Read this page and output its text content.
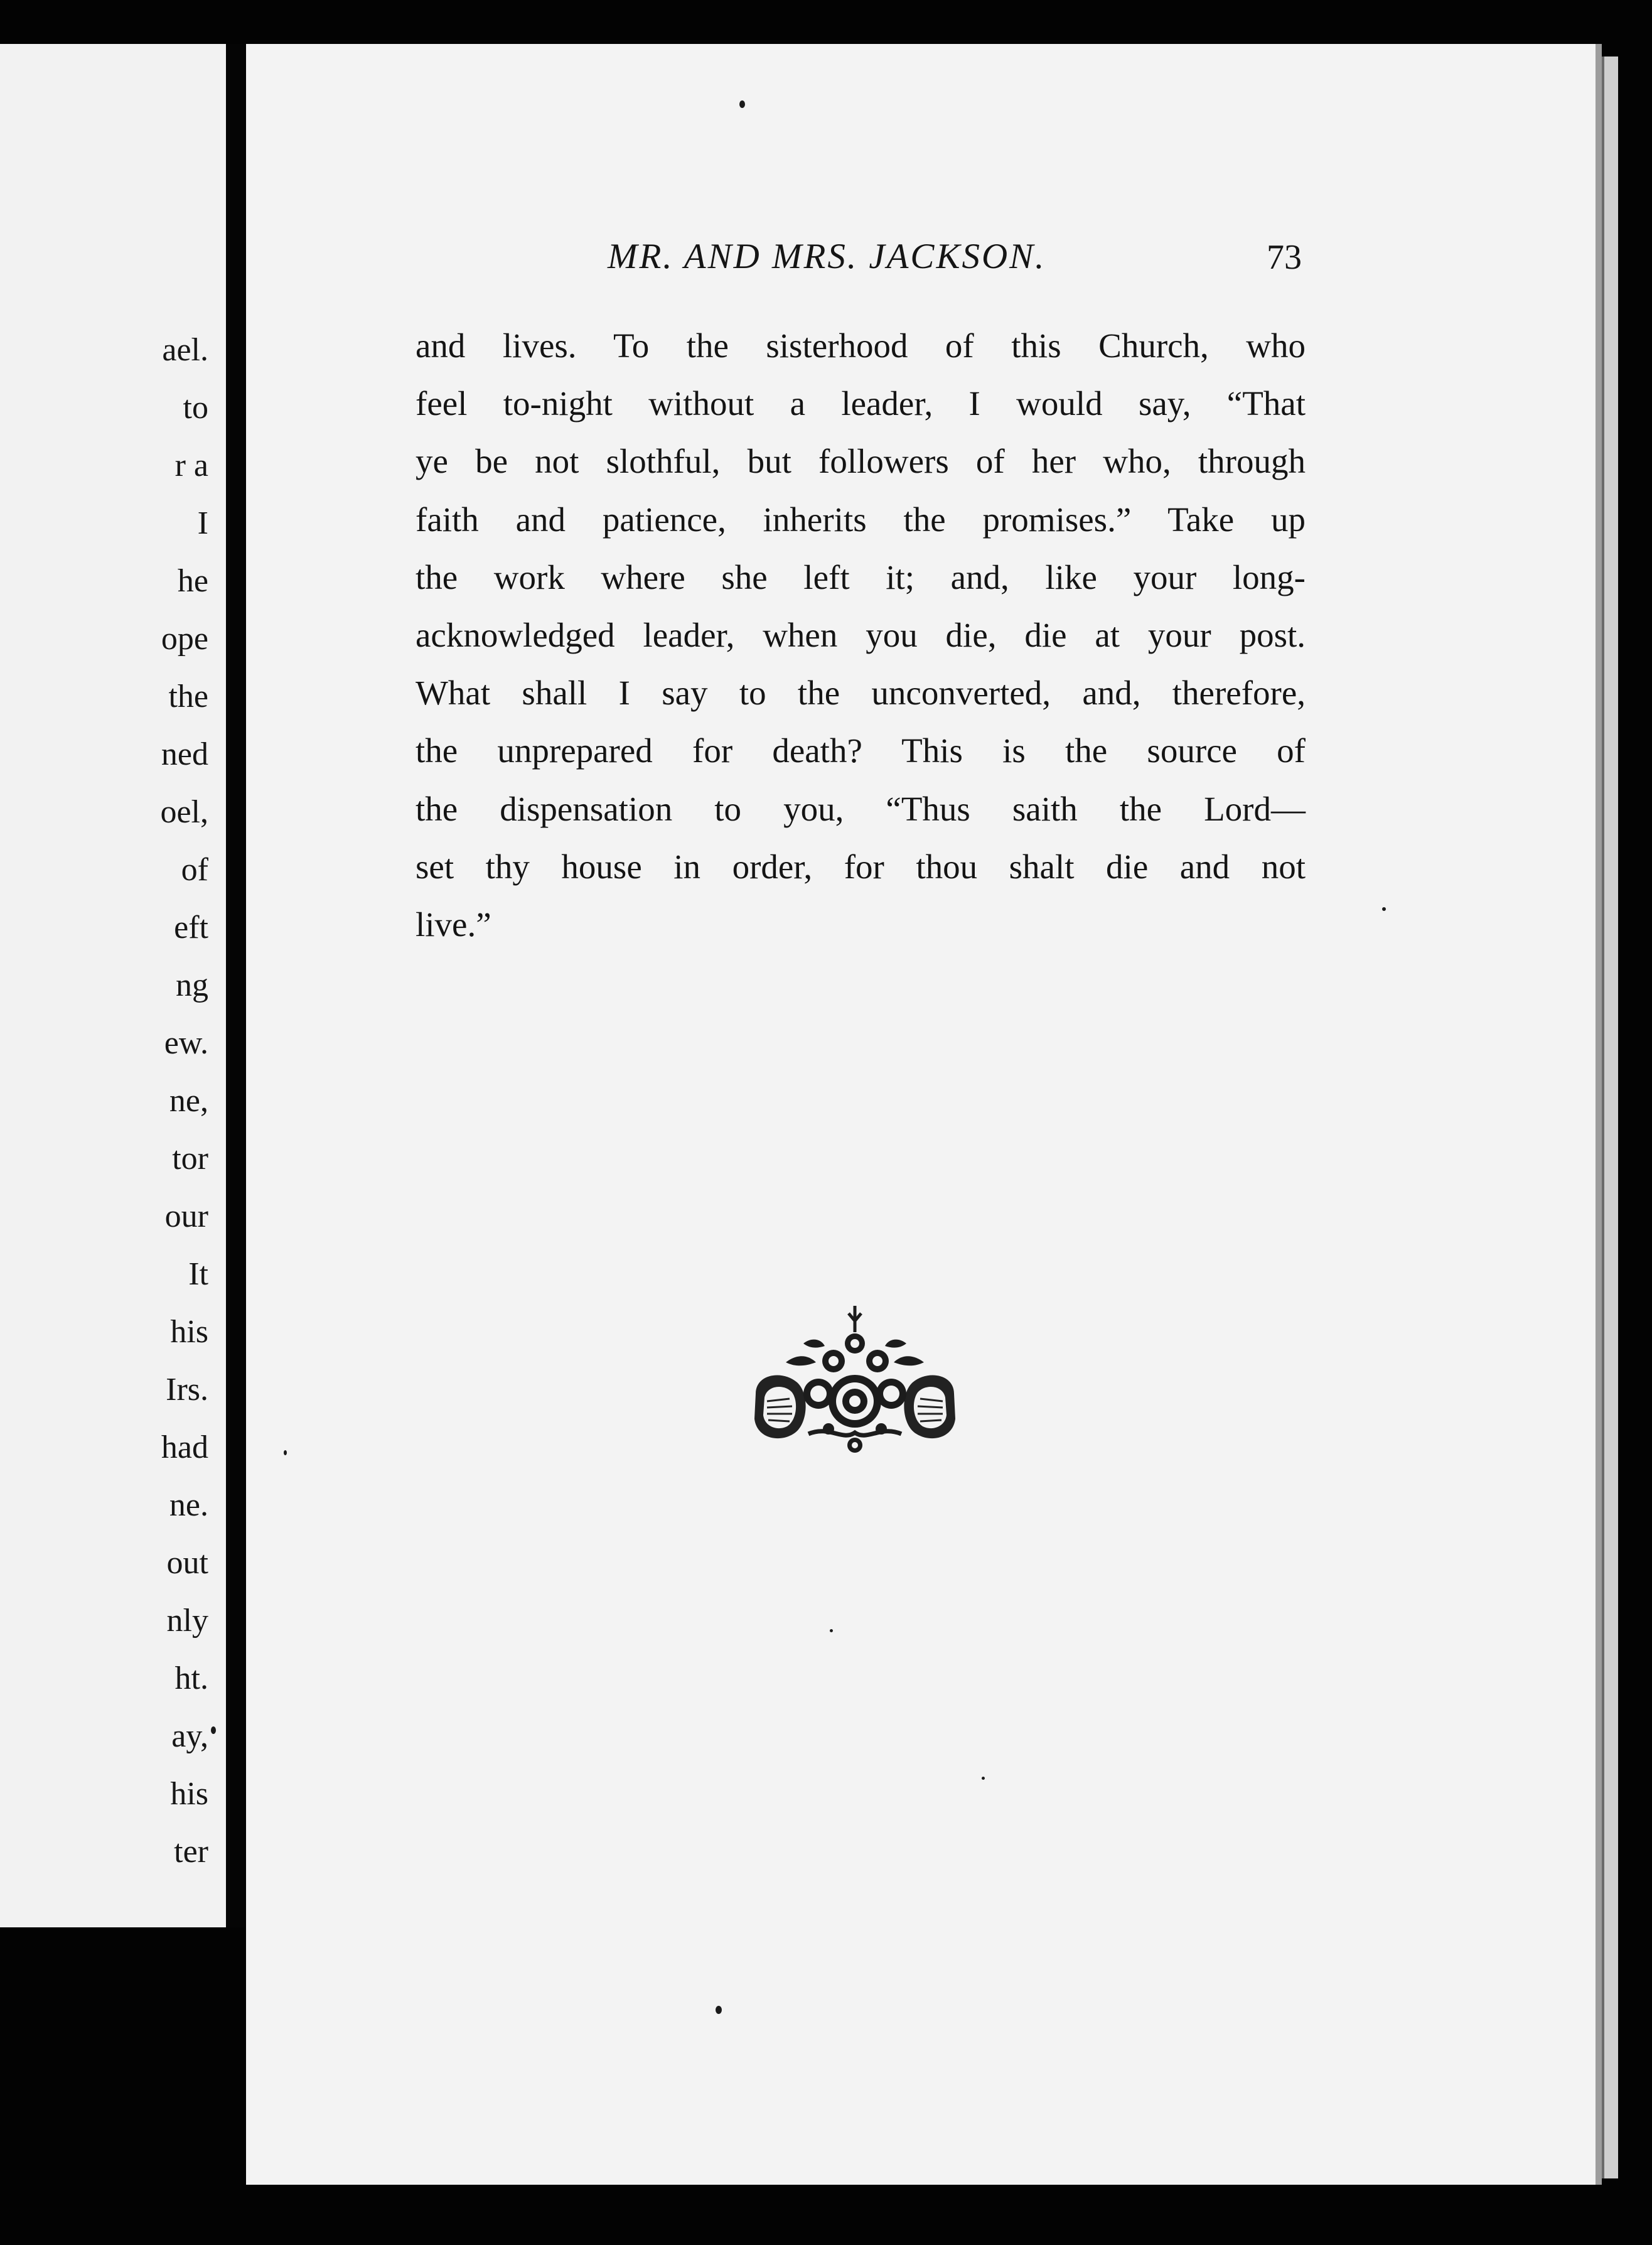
ael.
to
r a
I
he
ope
the
ned
oel,
of
eft
ng
ew.
ne,
tor
our
It
his
Irs.
had
ne.
out
nly
ht.
ay,
his
ter
MR. AND MRS. JACKSON.	73
and lives. To the sisterhood of this Church, who
feel to-night without a leader, I would say, “That
ye be not slothful, but followers of her who, through
faith and patience, inherits the promises.” Take up
the work where she left it; and, like your long-
acknowledged leader, when you die, die at your post.
What shall I say to the unconverted, and, therefore,
the unprepared for death? This is the source of
the dispensation to you, “Thus saith the Lord—
set thy house in order, for thou shalt die and not
live.”
